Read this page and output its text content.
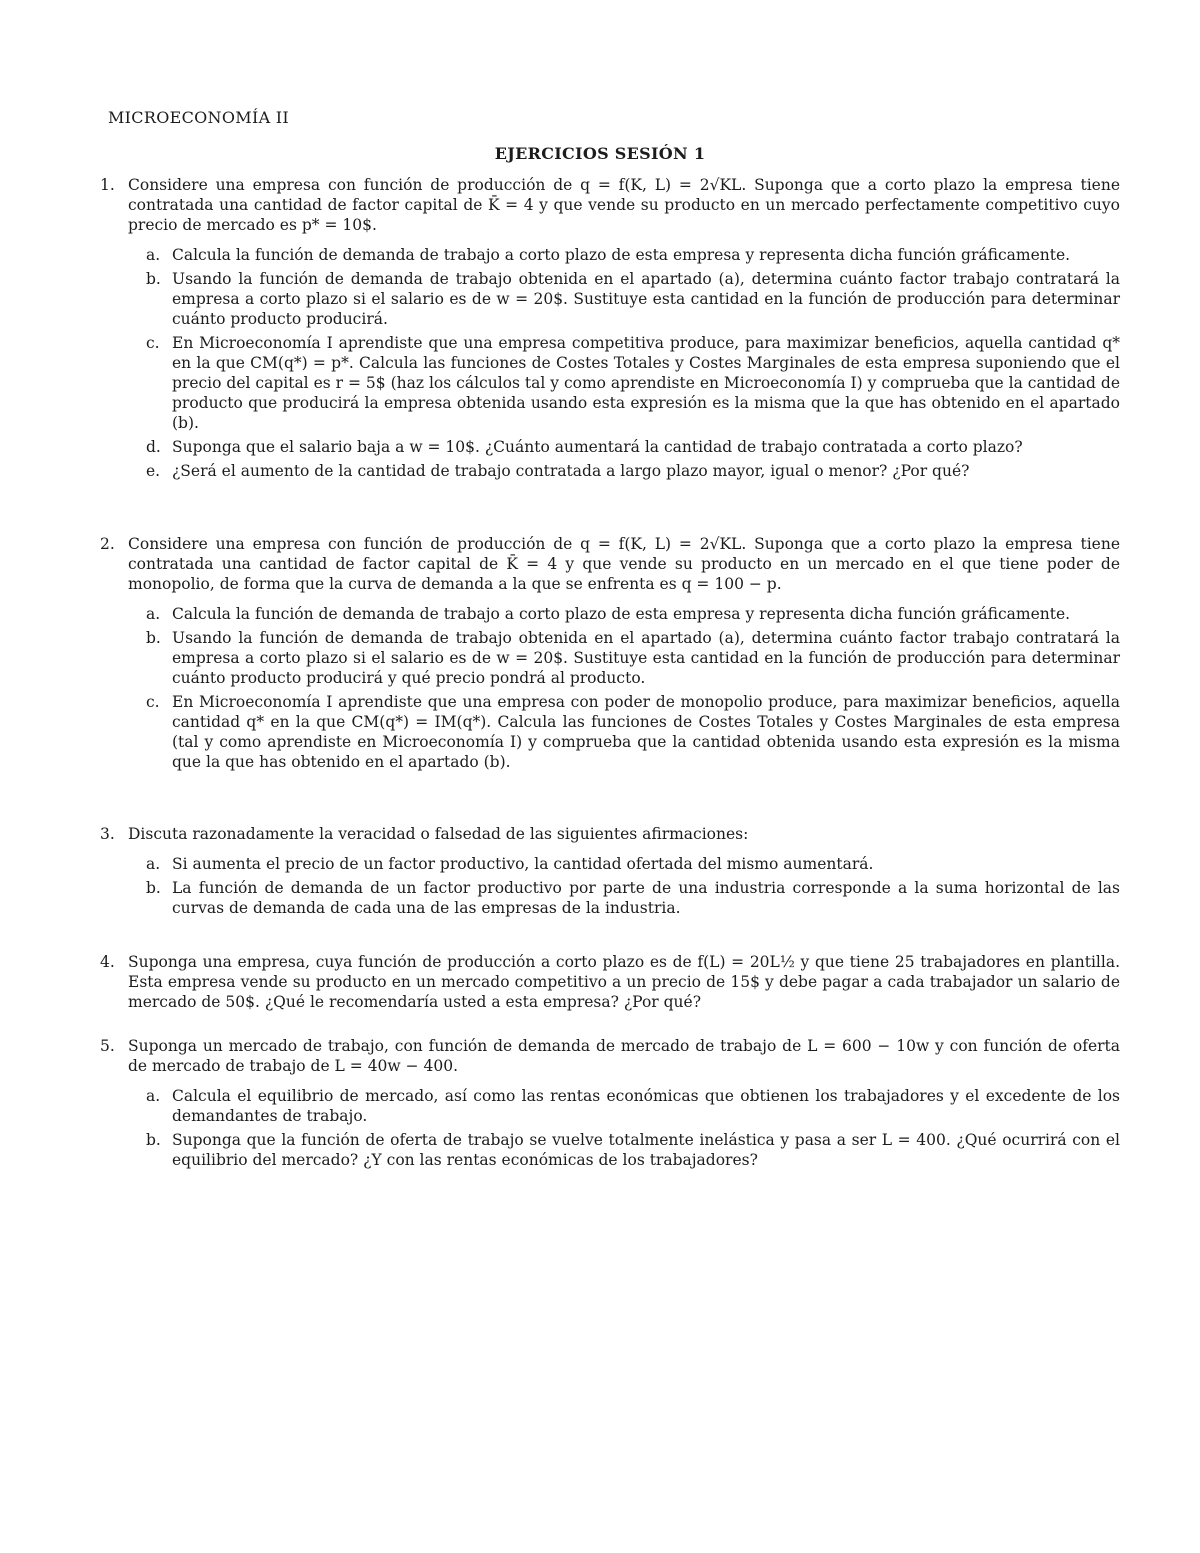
MICROECONOMÍA II
EJERCICIOS SESIÓN 1
1. Considere una empresa con función de producción de q = f(K, L) = 2√KL. Suponga que a corto plazo la empresa tiene contratada una cantidad de factor capital de K̄ = 4 y que vende su producto en un mercado perfectamente competitivo cuyo precio de mercado es p* = 10$.
a. Calcula la función de demanda de trabajo a corto plazo de esta empresa y representa dicha función gráficamente.
b. Usando la función de demanda de trabajo obtenida en el apartado (a), determina cuánto factor trabajo contratará la empresa a corto plazo si el salario es de w = 20$. Sustituye esta cantidad en la función de producción para determinar cuánto producto producirá.
c. En Microeconomía I aprendiste que una empresa competitiva produce, para maximizar beneficios, aquella cantidad q* en la que CM(q*) = p*. Calcula las funciones de Costes Totales y Costes Marginales de esta empresa suponiendo que el precio del capital es r = 5$ (haz los cálculos tal y como aprendiste en Microeconomía I) y comprueba que la cantidad de producto que producirá la empresa obtenida usando esta expresión es la misma que la que has obtenido en el apartado (b).
d. Suponga que el salario baja a w = 10$. ¿Cuánto aumentará la cantidad de trabajo contratada a corto plazo?
e. ¿Será el aumento de la cantidad de trabajo contratada a largo plazo mayor, igual o menor? ¿Por qué?
2. Considere una empresa con función de producción de q = f(K, L) = 2√KL. Suponga que a corto plazo la empresa tiene contratada una cantidad de factor capital de K̄ = 4 y que vende su producto en un mercado en el que tiene poder de monopolio, de forma que la curva de demanda a la que se enfrenta es q = 100 − p.
a. Calcula la función de demanda de trabajo a corto plazo de esta empresa y representa dicha función gráficamente.
b. Usando la función de demanda de trabajo obtenida en el apartado (a), determina cuánto factor trabajo contratará la empresa a corto plazo si el salario es de w = 20$. Sustituye esta cantidad en la función de producción para determinar cuánto producto producirá y qué precio pondrá al producto.
c. En Microeconomía I aprendiste que una empresa con poder de monopolio produce, para maximizar beneficios, aquella cantidad q* en la que CM(q*) = IM(q*). Calcula las funciones de Costes Totales y Costes Marginales de esta empresa (tal y como aprendiste en Microeconomía I) y comprueba que la cantidad obtenida usando esta expresión es la misma que la que has obtenido en el apartado (b).
3. Discuta razonadamente la veracidad o falsedad de las siguientes afirmaciones:
a. Si aumenta el precio de un factor productivo, la cantidad ofertada del mismo aumentará.
b. La función de demanda de un factor productivo por parte de una industria corresponde a la suma horizontal de las curvas de demanda de cada una de las empresas de la industria.
4. Suponga una empresa, cuya función de producción a corto plazo es de f(L) = 20L½ y que tiene 25 trabajadores en plantilla. Esta empresa vende su producto en un mercado competitivo a un precio de 15$ y debe pagar a cada trabajador un salario de mercado de 50$. ¿Qué le recomendaría usted a esta empresa? ¿Por qué?
5. Suponga un mercado de trabajo, con función de demanda de mercado de trabajo de L = 600 − 10w y con función de oferta de mercado de trabajo de L = 40w − 400.
a. Calcula el equilibrio de mercado, así como las rentas económicas que obtienen los trabajadores y el excedente de los demandantes de trabajo.
b. Suponga que la función de oferta de trabajo se vuelve totalmente inelástica y pasa a ser L = 400. ¿Qué ocurrirá con el equilibrio del mercado? ¿Y con las rentas económicas de los trabajadores?
